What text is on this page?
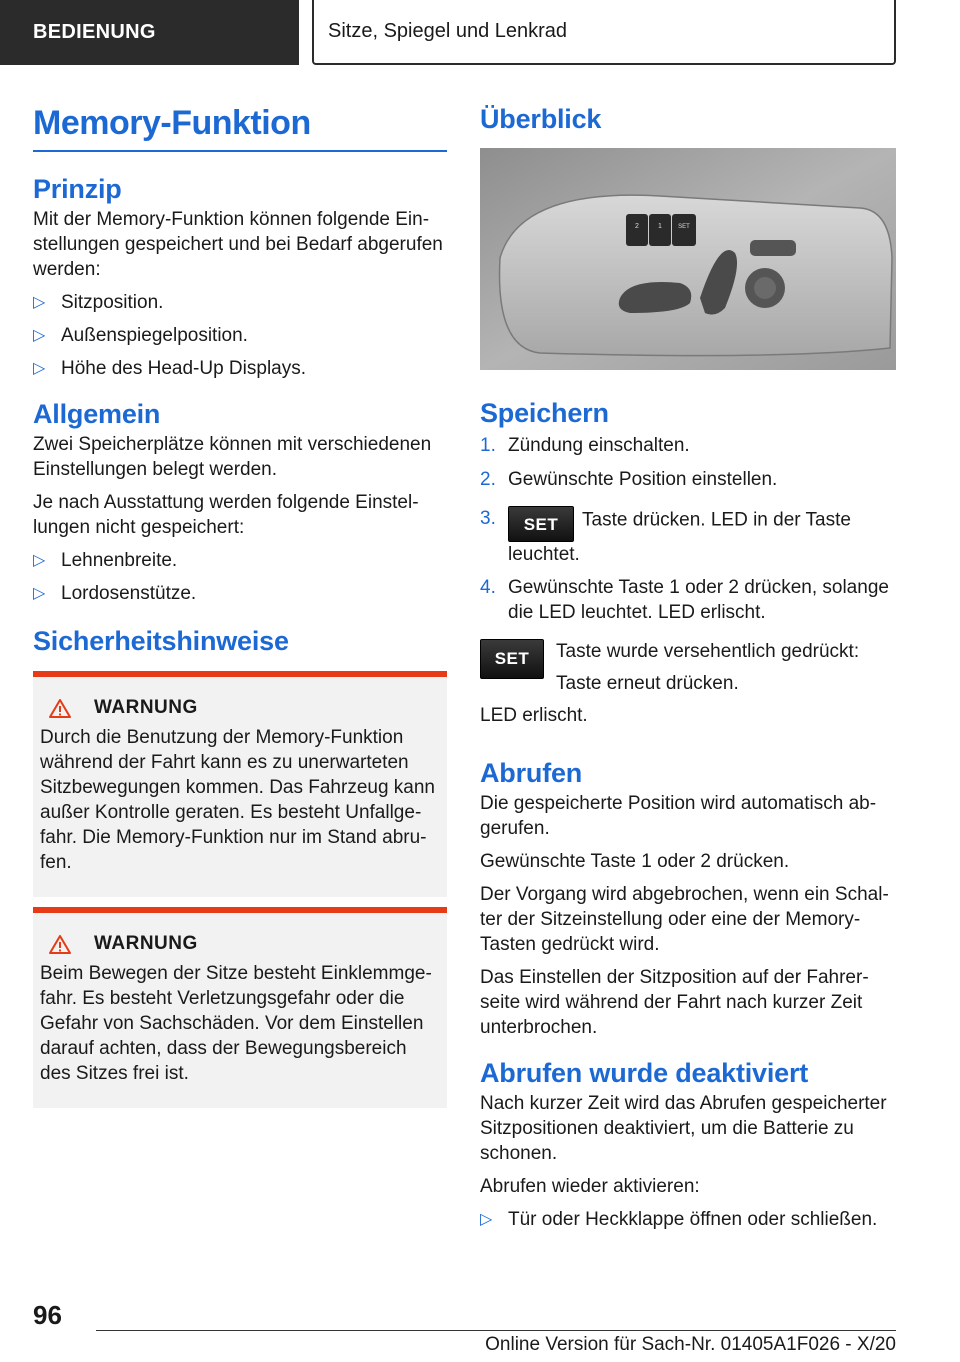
BEDIENUNG	Sitze, Spiegel und Lenkrad
Memory-Funktion
Prinzip

Mit der Memory-Funktion können folgende Einstellungen gespeichert und bei Bedarf abgerufen werden:

▷ Sitzposition.
▷ Außenspiegelposition.
▷ Höhe des Head-Up Displays.
Allgemein

Zwei Speicherplätze können mit verschiedenen Einstellungen belegt werden.

Je nach Ausstattung werden folgende Einstellungen nicht gespeichert:

▷ Lehnenbreite.
▷ Lordosenstütze.
Sicherheitshinweise
WARNUNG

Durch die Benutzung der Memory-Funktion während der Fahrt kann es zu unerwarteten Sitzbewegungen kommen. Das Fahrzeug kann außer Kontrolle geraten. Es besteht Unfallgefahr. Die Memory-Funktion nur im Stand abrufen.

WARNUNG

Beim Bewegen der Sitze besteht Einklemmgefahr. Es besteht Verletzungsgefahr oder die Gefahr von Sachschäden. Vor dem Einstellen darauf achten, dass der Bewegungsbereich des Sitzes frei ist.

Überblick
2	1	SET
Speichern
1. Zündung einschalten.
2. Gewünschte Position einstellen.
3. SET Taste drücken. LED in der Taste leuchtet.
4. Gewünschte Taste 1 oder 2 drücken, solange die LED leuchtet. LED erlischt.
SET	Taste wurde versehentlich gedrückt:

Taste erneut drücken.

LED erlischt.

Abrufen

Die gespeicherte Position wird automatisch abgerufen.

Gewünschte Taste 1 oder 2 drücken.

Der Vorgang wird abgebrochen, wenn ein Schalter der Sitzeinstellung oder eine der Memory-Tasten gedrückt wird.

Das Einstellen der Sitzposition auf der Fahrerseite wird während der Fahrt nach kurzer Zeit unterbrochen.

Abrufen wurde deaktiviert

Nach kurzer Zeit wird das Abrufen gespeicherter Sitzpositionen deaktiviert, um die Batterie zu schonen.

Abrufen wieder aktivieren:

▷ Tür oder Heckklappe öffnen oder schließen.
96
Online Version für Sach-Nr. 01405A1F026 - X/20
